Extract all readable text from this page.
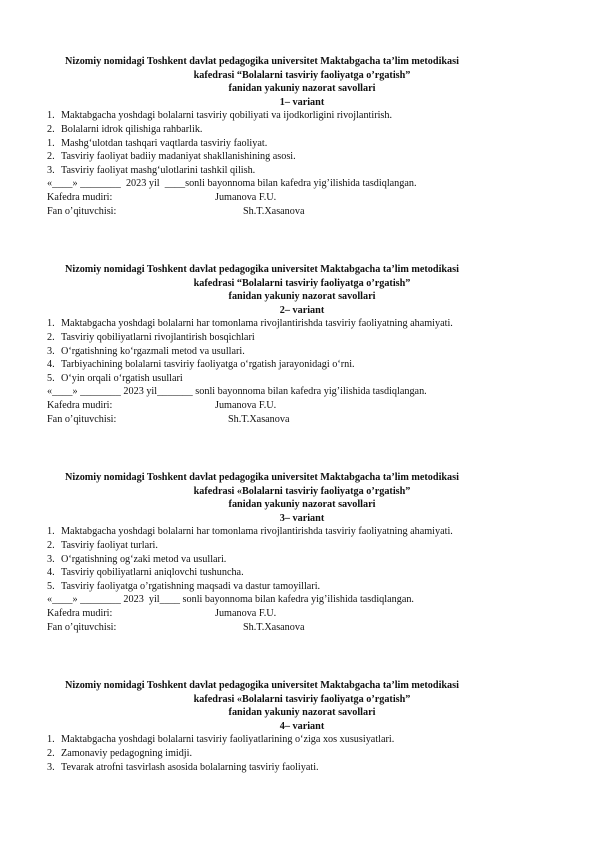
Nizomiy nomidagi Toshkent davlat pedagogika universitet Maktabgacha ta’lim metodikasi
kafedrasi “Bolalarni tasviriy faoliyatga o’rgatish”
fanidan yakuniy nazorat savollari
1– variant
1. Maktabgacha yoshdagi bolalarni tasviriy qobiliyati va ijodkorligini rivojlantirish.
2. Bolalarni idrok qilishiga rahbarlik.
1. Mashg‘ulotdan tashqari vaqtlarda tasviriy faoliyat.
2. Tasviriy faoliyat badiiy madaniyat shakllanishining asosi.
3. Tasviriy faoliyat mashg‘ulotlarini tashkil qilish.
«____» ________  2023 yil  ____sonli bayonnoma bilan kafedra yig’ilishida tasdiqlangan.
Kafedra mudiri:	Jumanova F.U.
Fan o’qituvchisi:	Sh.T.Xasanova
Nizomiy nomidagi Toshkent davlat pedagogika universitet Maktabgacha ta’lim metodikasi
kafedrasi “Bolalarni tasviriy faoliyatga o’rgatish”
fanidan yakuniy nazorat savollari
2– variant
1. Maktabgacha yoshdagi bolalarni har tomonlama rivojlantirishda tasviriy faoliyatning ahamiyati.
2. Tasviriy qobiliyatlarni rivojlantirish bosqichlari
3. O‘rgatishning ko‘rgazmali metod va usullari.
4. Tarbiyachining bolalarni tasviriy faoliyatga o‘rgatish jarayonidagi o‘rni.
5. O‘yin orqali o‘rgatish usullari
«____» ________ 2023 yil_______ sonli bayonnoma bilan kafedra yig’ilishida tasdiqlangan.
Kafedra mudiri:	Jumanova F.U.
Fan o’qituvchisi:	Sh.T.Xasanova
Nizomiy nomidagi Toshkent davlat pedagogika universitet Maktabgacha ta’lim metodikasi
kafedrasi «Bolalarni tasviriy faoliyatga o’rgatish”
fanidan yakuniy nazorat savollari
3– variant
1. Maktabgacha yoshdagi bolalarni har tomonlama rivojlantirishda tasviriy faoliyatning ahamiyati.
2. Tasviriy faoliyat turlari.
3. O‘rgatishning og‘zaki metod va usullari.
4. Tasviriy qobiliyatlarni aniqlovchi tushuncha.
5. Tasviriy faoliyatga o’rgatishning maqsadi va dastur tamoyillari.
«____» ________ 2023  yil____ sonli bayonnoma bilan kafedra yig’ilishida tasdiqlangan.
Kafedra mudiri:	Jumanova F.U.
Fan o’qituvchisi:	Sh.T.Xasanova
Nizomiy nomidagi Toshkent davlat pedagogika universitet Maktabgacha ta’lim metodikasi
kafedrasi «Bolalarni tasviriy faoliyatga o’rgatish”
fanidan yakuniy nazorat savollari
4– variant
1. Maktabgacha yoshdagi bolalarni tasviriy faoliyatlarining o‘ziga xos xususiyatlari.
2. Zamonaviy pedagogning imidji.
3. Tevarak atrofni tasvirlash asosida bolalarning tasviriy faoliyati.
